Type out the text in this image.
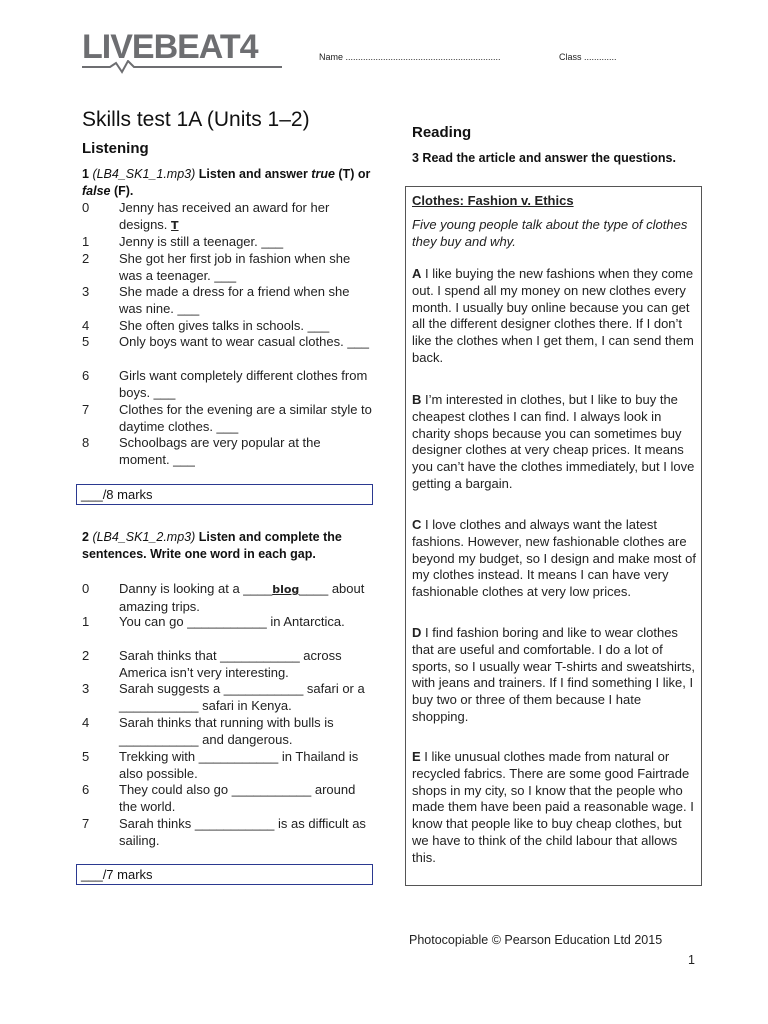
LIVEBEAT4	Name ..............................................................	Class .............
Skills test 1A (Units 1–2)
Listening
1 (LB4_SK1_1.mp3) Listen and answer true (T) or false (F).
0	Jenny has received an award for her designs. T
1	Jenny is still a teenager. ___
2	She got her first job in fashion when she was a teenager. ___
3	She made a dress for a friend when she was nine. ___
4	She often gives talks in schools. ___
5	Only boys want to wear casual clothes. ___
6	Girls want completely different clothes from boys. ___
7	Clothes for the evening are a similar style to daytime clothes. ___
8	Schoolbags are very popular at the moment. ___
___/8 marks
2 (LB4_SK1_2.mp3) Listen and complete the sentences. Write one word in each gap.
0	Danny is looking at a ____blog____ about amazing trips.
1	You can go ___________ in Antarctica.
2	Sarah thinks that ___________ across America isn’t very interesting.
3	Sarah suggests a ___________ safari or a ___________ safari in Kenya.
4	Sarah thinks that running with bulls is ___________ and dangerous.
5	Trekking with ___________ in Thailand is also possible.
6	They could also go ___________ around the world.
7	Sarah thinks ___________ is as difficult as sailing.
___/7 marks
Reading
3 Read the article and answer the questions.
Clothes: Fashion v. Ethics
Five young people talk about the type of clothes they buy and why.
A I like buying the new fashions when they come out. I spend all my money on new clothes every month. I usually buy online because you can get all the different designer clothes there. If I don’t like the clothes when I get them, I can send them back.
B I’m interested in clothes, but I like to buy the cheapest clothes I can find. I always look in charity shops because you can sometimes buy designer clothes at very cheap prices. It means you can’t have the clothes immediately, but I love getting a bargain.
C I love clothes and always want the latest fashions. However, new fashionable clothes are beyond my budget, so I design and make most of my clothes instead. It means I can have very fashionable clothes at very low prices.
D I find fashion boring and like to wear clothes that are useful and comfortable. I do a lot of sports, so I usually wear T-shirts and sweatshirts, with jeans and trainers. If I find something I like, I buy two or three of them because I hate shopping.
E I like unusual clothes made from natural or recycled fabrics. There are some good Fairtrade shops in my city, so I know that the people who made them have been paid a reasonable wage. I know that people like to buy cheap clothes, but we have to think of the child labour that allows this.
Photocopiable © Pearson Education Ltd 2015
1
